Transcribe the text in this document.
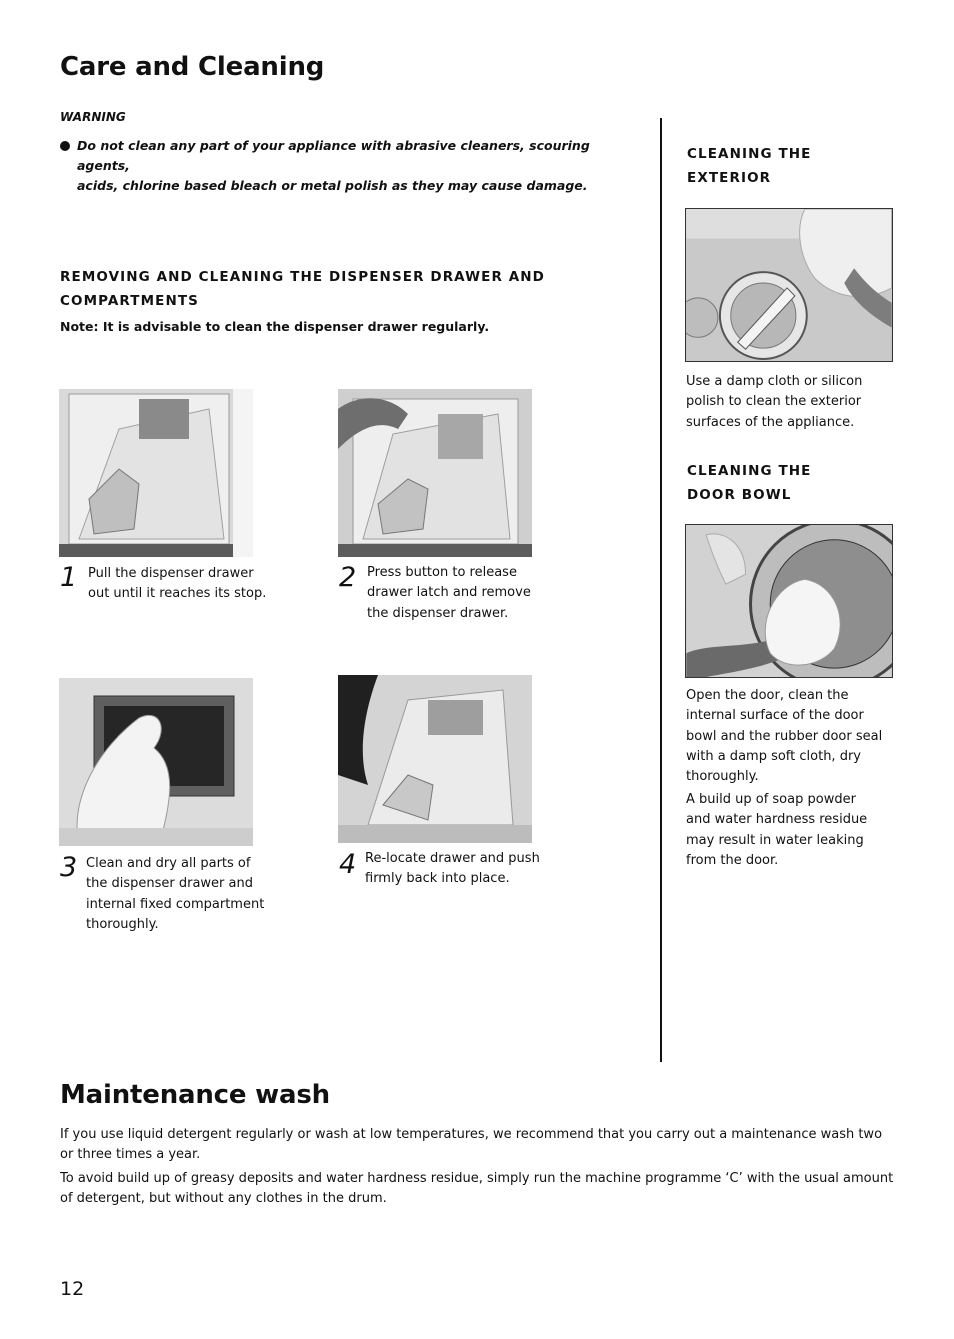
Care and Cleaning
WARNING
Do not clean any part of your appliance with abrasive cleaners, scouring agents,
acids, chlorine based bleach or metal polish as they may cause damage.
REMOVING AND CLEANING THE DISPENSER DRAWER AND
COMPARTMENTS
Note: It is advisable to clean the dispenser drawer regularly.
1 Pull the dispenser drawer
out until it reaches its stop.
2 Press button to release
drawer latch and remove
the dispenser drawer.
3 Clean and dry all parts of
the dispenser drawer and
internal fixed compartment
thoroughly.
4 Re-locate drawer and push
firmly back into place.
CLEANING THE
EXTERIOR
Use a damp cloth or silicon
polish to clean the exterior
surfaces of the appliance.
CLEANING THE
DOOR BOWL
Open the door, clean the
internal surface of the door
bowl and the rubber door seal
with a damp soft cloth, dry
thoroughly.
A build up of soap powder
and water hardness residue
may result in water leaking
from the door.
Maintenance wash
If you use liquid detergent regularly or wash at low temperatures, we recommend that you carry out a maintenance wash two
or three times a year.
To avoid build up of greasy deposits and water hardness residue, simply run the machine programme ‘C’ with the usual amount
of detergent, but without any clothes in the drum.
12
